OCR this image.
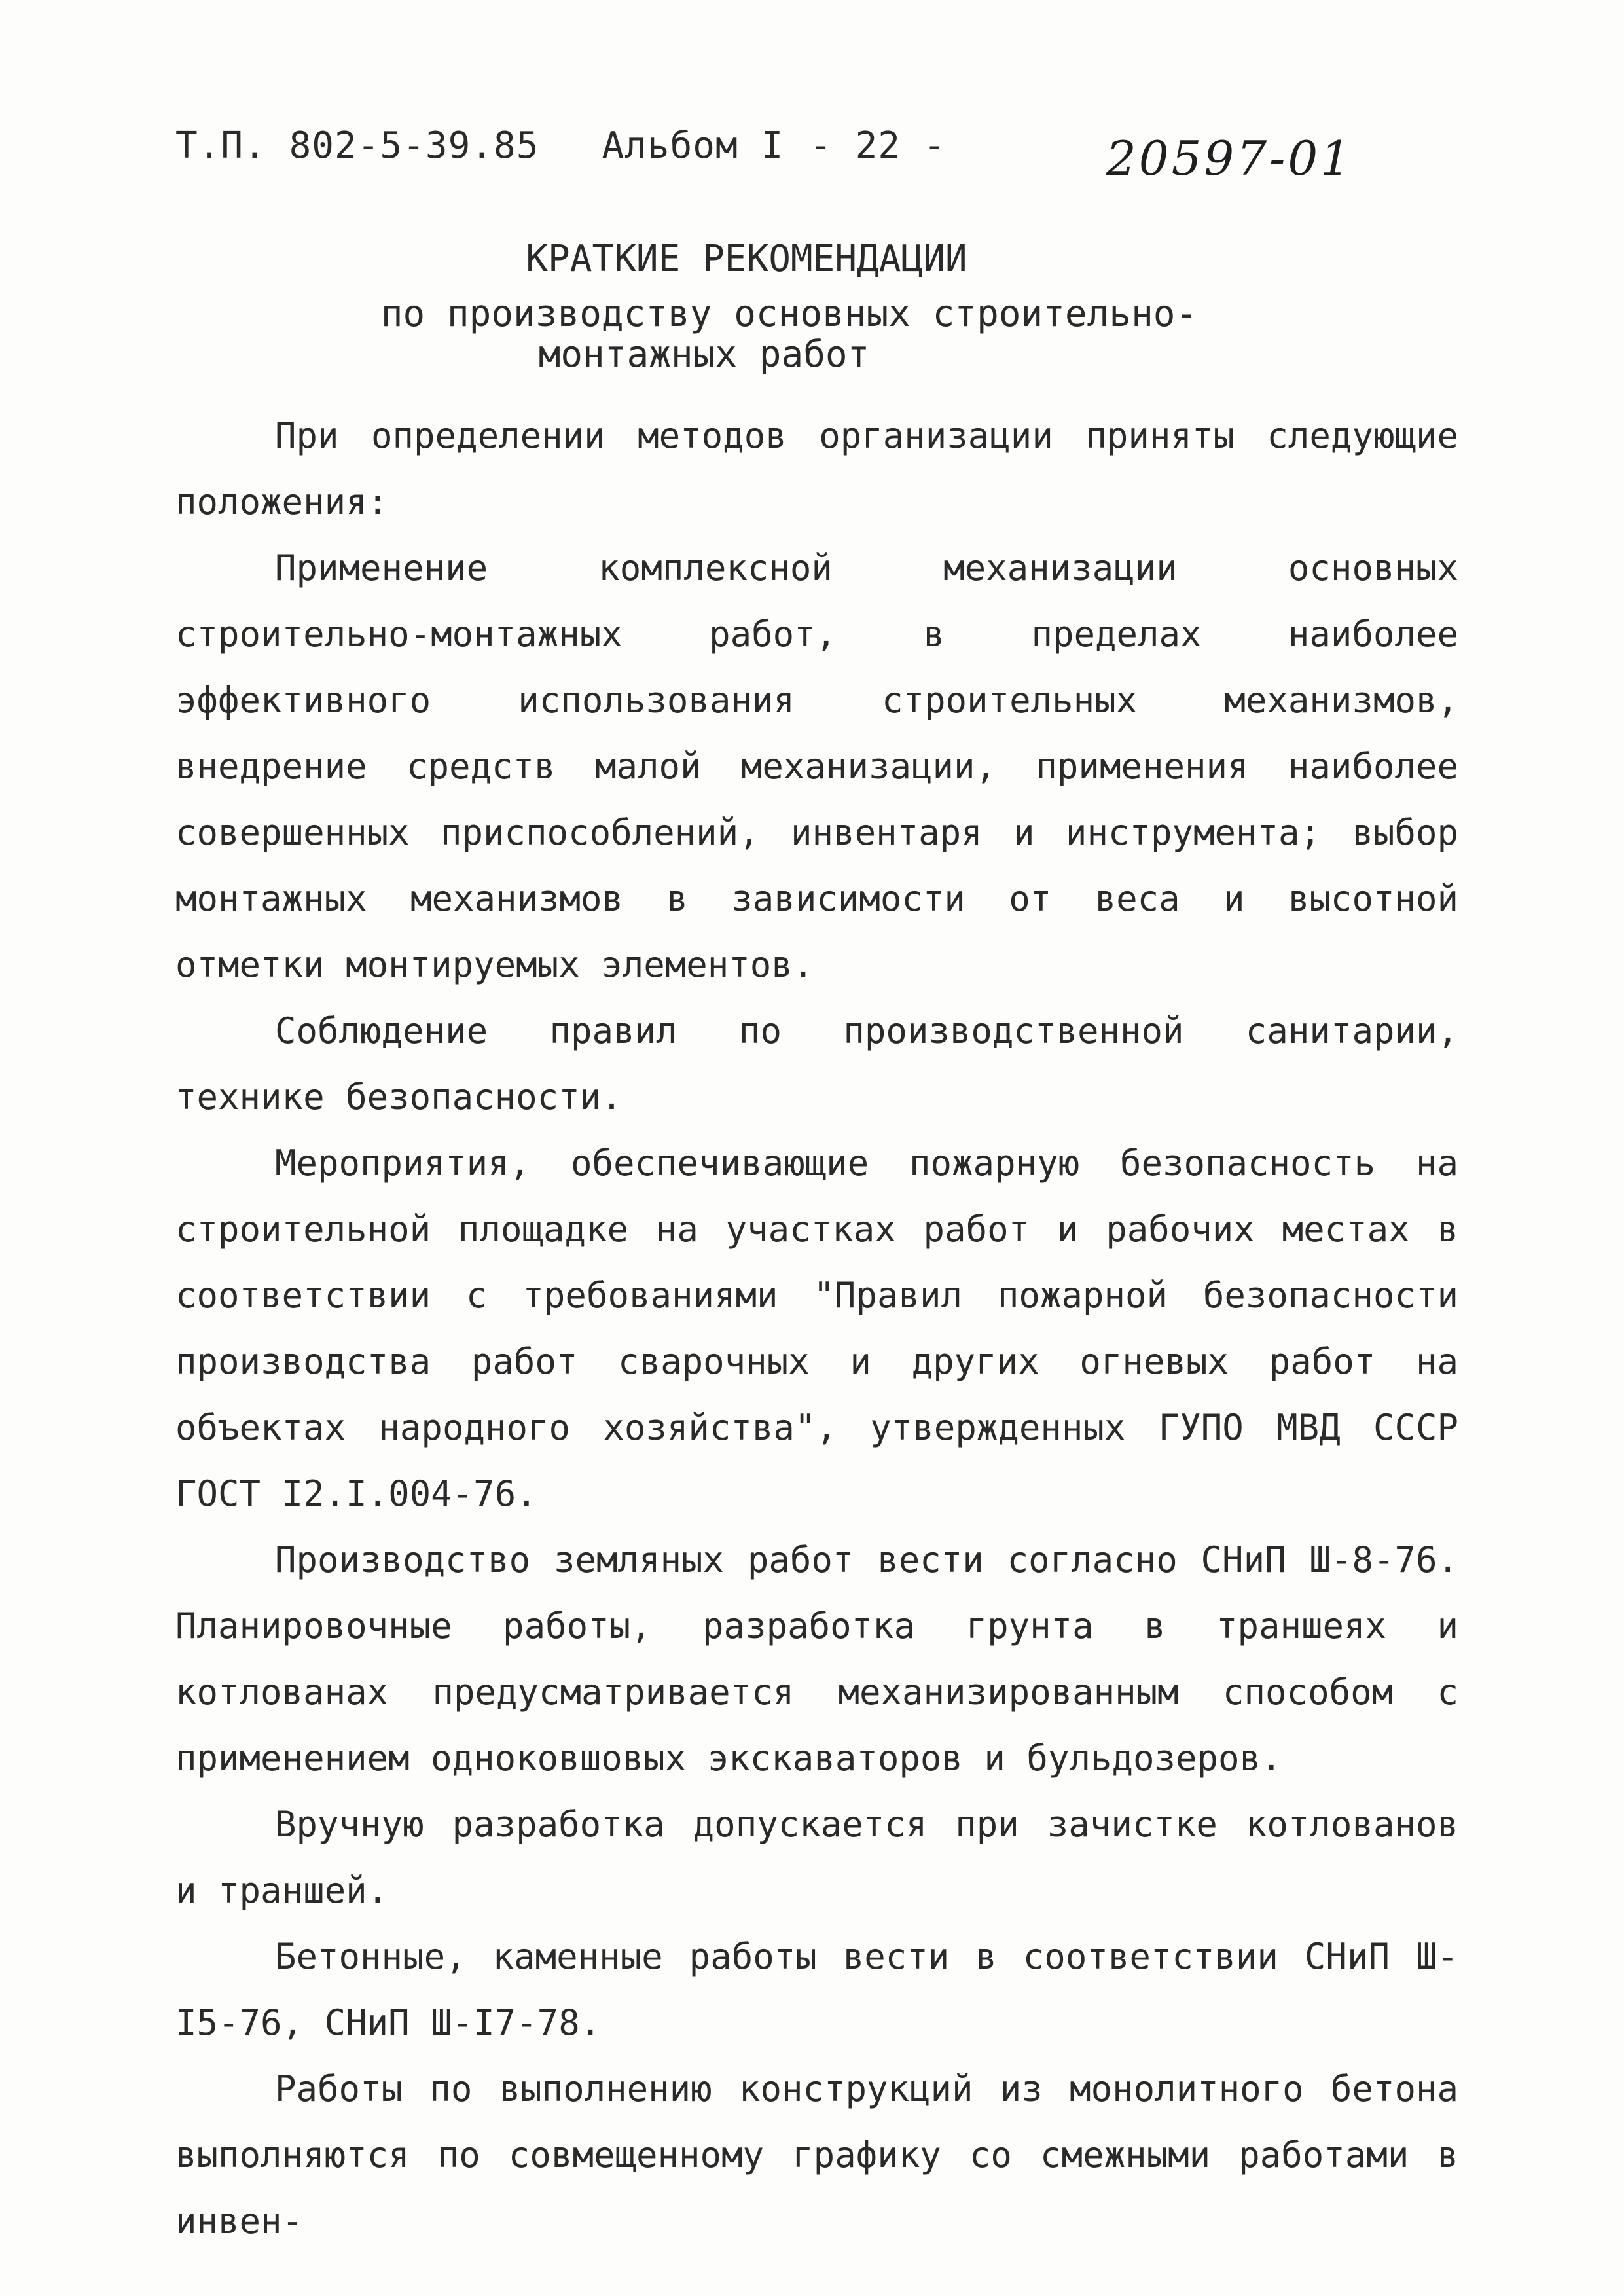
Т.П. 802-5-39.85 Альбом I - 22 -	20597-01
КРАТКИЕ РЕКОМЕНДАЦИИ
по производству основных строительно-
монтажных работ

При определении методов организации приняты следующие положения:

Применение комплексной механизации основных строительно-монтажных работ, в пределах наиболее эффективного использования строительных механизмов, внедрение средств малой механизации, применения наиболее совершенных приспособлений, инвентаря и инструмента; выбор монтажных механизмов в зависимости от веса и высотной отметки монтируемых элементов.

Соблюдение правил по производственной санитарии, технике безопасности.

Мероприятия, обеспечивающие пожарную безопасность на строительной площадке на участках работ и рабочих местах в соответствии с требованиями "Правил пожарной безопасности производства работ сварочных и других огневых работ на объектах народного хозяйства", утвержденных ГУПО МВД СССР ГОСТ I2.I.004-76.

Производство земляных работ вести согласно СНиП Ш-8-76. Планировочные работы, разработка грунта в траншеях и котлованах предусматривается механизированным способом с применением одноковшовых экскаваторов и бульдозеров.

Вручную разработка допускается при зачистке котлованов и траншей.

Бетонные, каменные работы вести в соответствии СНиП Ш-I5-76, СНиП Ш-I7-78.

Работы по выполнению конструкций из монолитного бетона выполняются по совмещенному графику со смежными работами в инвен-
